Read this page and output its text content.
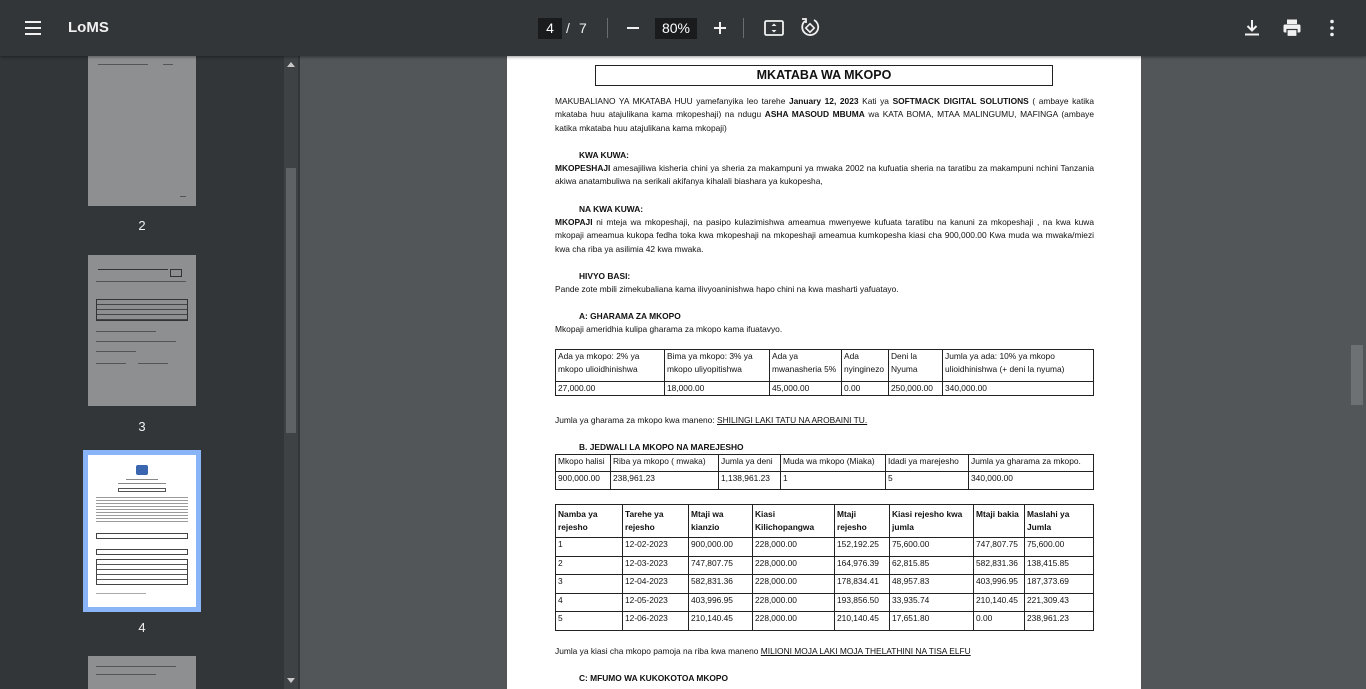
LoMS	4 / 7	80%
2
3
4
MKATABA WA MKOPO
MAKUBALIANO YA MKATABA HUU yamefanyika leo tarehe January 12, 2023 Kati ya SOFTMACK DIGITAL SOLUTIONS ( ambaye katika mkataba huu atajulikana kama mkopeshaji) na ndugu ASHA MASOUD MBUMA wa KATA BOMA, MTAA MALINGUMU, MAFINGA (ambaye katika mkataba huu atajulikana kama mkopaji)
KWA KUWA:
MKOPESHAJI amesajiliwa kisheria chini ya sheria za makampuni ya mwaka 2002 na kufuatia sheria na taratibu za makampuni nchini Tanzania akiwa anatambuliwa na serikali akifanya kihalali biashara ya kukopesha,
NA KWA KUWA:
MKOPAJI ni mteja wa mkopeshaji, na pasipo kulazimishwa ameamua mwenyewe kufuata taratibu na kanuni za mkopeshaji , na kwa kuwa mkopaji ameamua kukopa fedha toka kwa mkopeshaji na mkopeshaji ameamua kumkopesha kiasi cha 900,000.00 Kwa muda wa mwaka/miezi kwa cha riba ya asilimia 42 kwa mwaka.
HIVYO BASI:
Pande zote mbili zimekubaliana kama ilivyoaninishwa hapo chini na kwa masharti yafuatayo.
A: GHARAMA ZA MKOPO
Mkopaji amеridhia kulipa gharama za mkopo kama ifuatavyo.
Ada ya mkopo: 2% ya mkopo ulioidhinishwa	Bima ya mkopo: 3% ya mkopo uliyopitishwa	Ada ya mwanasheria 5%	Ada nyinginezo	Deni la Nyuma	Jumla ya ada: 10% ya mkopo ulioidhinishwa (+ deni la nyuma)
27,000.00	18,000.00	45,000.00	0.00	250,000.00	340,000.00
Jumla ya gharama za mkopo kwa maneno: SHILINGI LAKI TATU NA AROBAINI TU.
B. JEDWALI LA MKOPO NA MAREJESHO
Mkopo halisi	Riba ya mkopo ( mwaka)	Jumla ya deni	Muda wa mkopo (Miaka)	Idadi ya marejesho	Jumla ya gharama za mkopo.
900,000.00	238,961.23	1,138,961.23	1	5	340,000.00
Namba ya rejesho	Tarehe ya rejesho	Mtaji wa kianzio	Kiasi Kilichopangwa	Mtaji rejesho	Kiasi rejesho kwa jumla	Mtaji bakia	Maslahi ya Jumla
1	12-02-2023	900,000.00	228,000.00	152,192.25	75,600.00	747,807.75	75,600.00
2	12-03-2023	747,807.75	228,000.00	164,976.39	62,815.85	582,831.36	138,415.85
3	12-04-2023	582,831.36	228,000.00	178,834.41	48,957.83	403,996.95	187,373.69
4	12-05-2023	403,996.95	228,000.00	193,856.50	33,935.74	210,140.45	221,309.43
5	12-06-2023	210,140.45	228,000.00	210,140.45	17,651.80	0.00	238,961.23
Jumla ya kiasi cha mkopo pamoja na riba kwa maneno MILIONI MOJA LAKI MOJA THELATHINI NA TISA ELFU
C: MFUMO WA KUKOKOTOA MKOPO
